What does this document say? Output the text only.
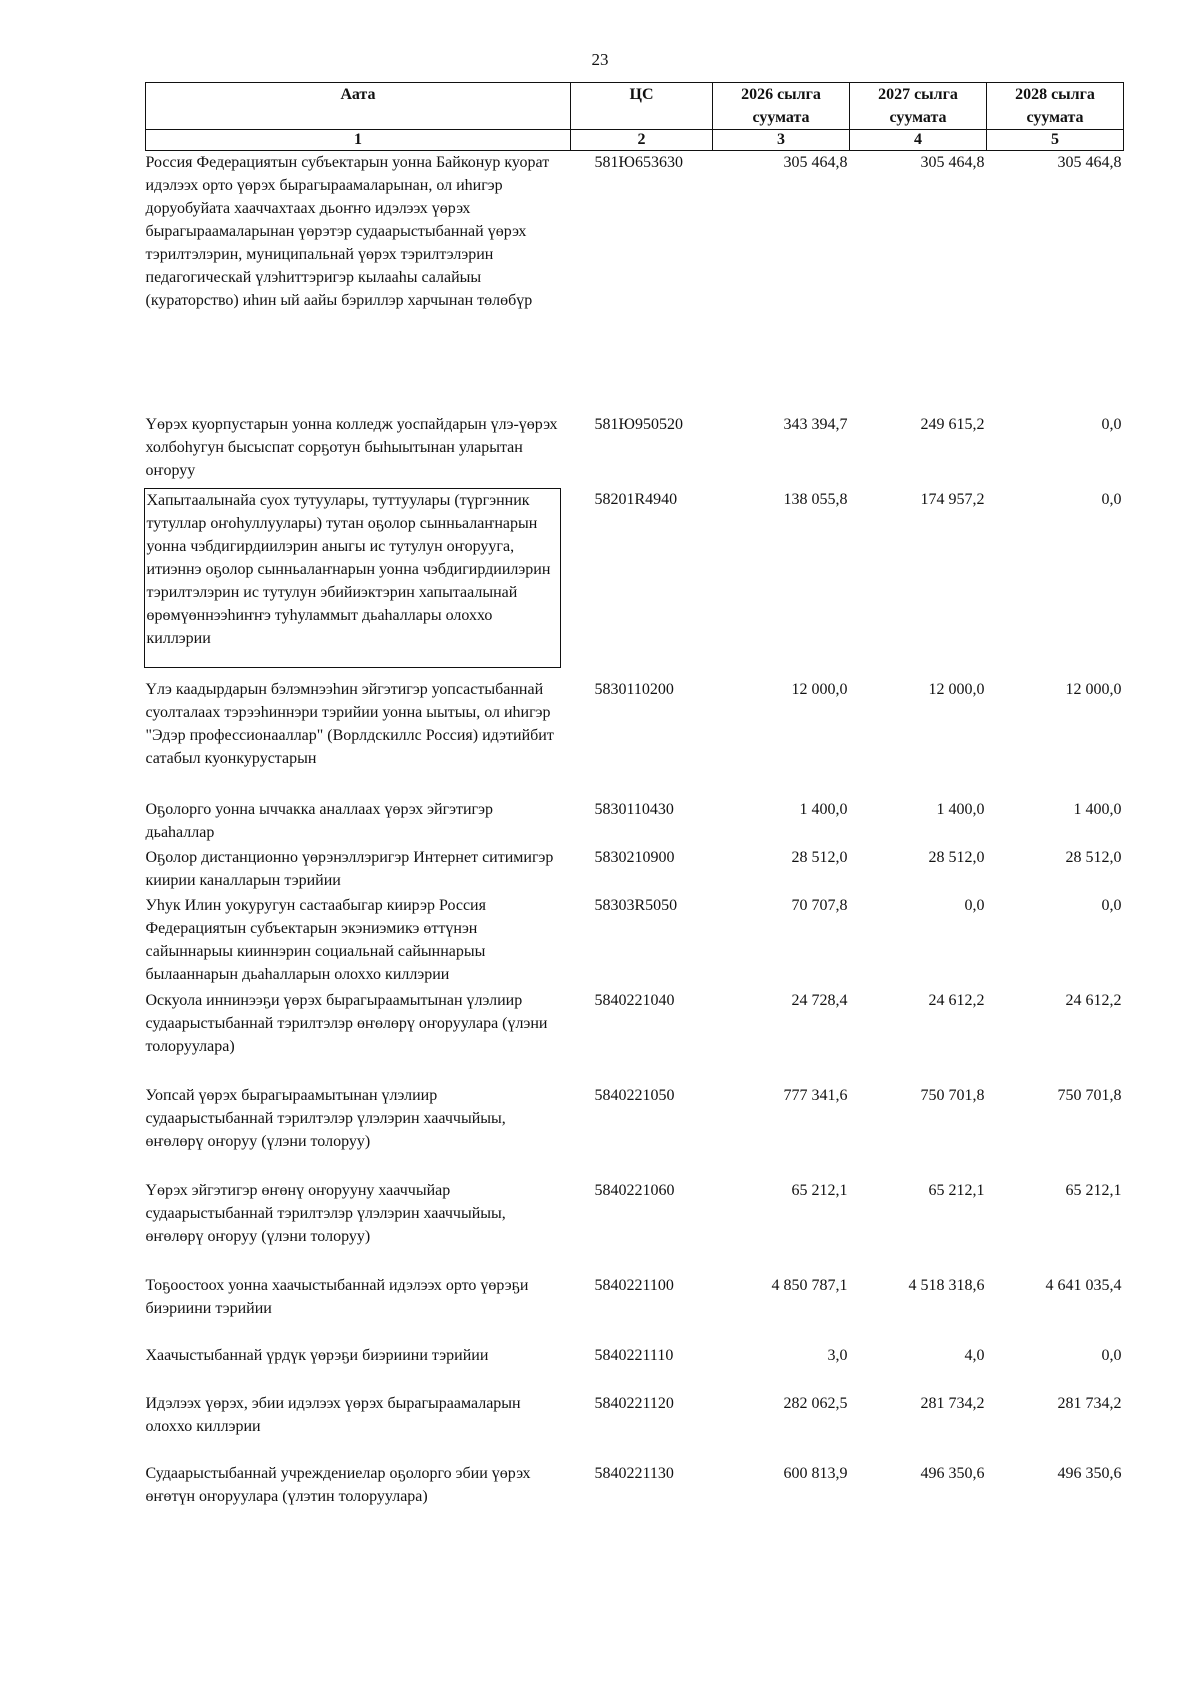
23
Аата	ЦС	2026 сылга суумата	2027 сылга суумата	2028 сылга суумата
1	2	3	4	5
Россия Федерациятын субъектарын уонна Байконур куорат идэлээх орто үөрэх бырагыраамаларынан, ол иһигэр доруобуйата хааччахтаах дьоҥҥо идэлээх үөрэх бырагыраамаларынан үөрэтэр судаарыстыбаннай үөрэх тэрилтэлэрин, муниципальнай үөрэх тэрилтэлэрин педагогическай үлэһиттэригэр кылааһы салайыы (кураторство) иһин ый аайы бэриллэр харчынан төлөбүр	581Ю653630	305 464,8	305 464,8	305 464,8
Үөрэх куорпустарын уонна колледж уоспайдарын үлэ-үөрэх холбоһугун бысыспат сорҕотун быһыытынан уларытан оҥоруу	581Ю950520	343 394,7	249 615,2	0,0

Хапытаалынайа суох тутуулары, туттуулары (түргэнник тутуллар оҥоһуллуулары) тутан оҕолор сынньалаҥнарын уонна чэбдигирдиилэрин аныгы ис тутулун оҥорууга, итиэннэ оҕолор сынньалаҥнарын уонна чэбдигирдиилэрин тэрилтэлэрин ис тутулун эбийиэктэрин хапытаалынай өрөмүөннээһиҥҥэ туһуламмыт дьаһаллары олоххо киллэрии	58201R4940	138 055,8	174 957,2	0,0
Үлэ каадырдарын бэлэмнээһин эйгэтигэр уопсастыбаннай суолталаах тэрээһиннэри тэрийии уонна ыытыы, ол иһигэр "Эдэр профессионааллар" (Ворлдскиллс Россия) идэтийбит сатабыл куонкурустарын	5830110200	12 000,0	12 000,0	12 000,0
Оҕолорго уонна ыччакка аналлаах үөрэх эйгэтигэр дьаһаллар	5830110430	1 400,0	1 400,0	1 400,0
Оҕолор дистанционно үөрэнэллэригэр Интернет ситимигэр киирии каналларын тэрийии	5830210900	28 512,0	28 512,0	28 512,0
Уһук Илин уокуругун састаабыгар киирэр Россия Федерациятын субъектарын экэниэмикэ өттүнэн сайыннарыы кииннэрин социальнай сайыннарыы былааннарын дьаһалларын олоххо киллэрии	58303R5050	70 707,8	0,0	0,0
Оскуола иннинээҕи үөрэх бырагыраамытынан үлэлиир судаарыстыбаннай тэрилтэлэр өҥөлөрү оҥоруулара (үлэни толоруулара)	5840221040	24 728,4	24 612,2	24 612,2
Уопсай үөрэх бырагыраамытынан үлэлиир судаарыстыбаннай тэрилтэлэр үлэлэрин хааччыйыы, өҥөлөрү оҥоруу (үлэни толоруу)	5840221050	777 341,6	750 701,8	750 701,8
Үөрэх эйгэтигэр өҥөнү оҥорууну хааччыйар судаарыстыбаннай тэрилтэлэр үлэлэрин хааччыйыы, өҥөлөрү оҥоруу (үлэни толоруу)	5840221060	65 212,1	65 212,1	65 212,1
Тоҕоостоох уонна хаачыстыбаннай идэлээх орто үөрэҕи биэриини тэрийии	5840221100	4 850 787,1	4 518 318,6	4 641 035,4
Хаачыстыбаннай үрдүк үөрэҕи биэриини тэрийии	5840221110	3,0	4,0	0,0
Идэлээх үөрэх, эбии идэлээх үөрэх бырагыраамаларын олоххо киллэрии	5840221120	282 062,5	281 734,2	281 734,2
Судаарыстыбаннай учреждениелар оҕолорго эбии үөрэх өҥөтүн оҥоруулара (үлэтин толоруулара)	5840221130	600 813,9	496 350,6	496 350,6
